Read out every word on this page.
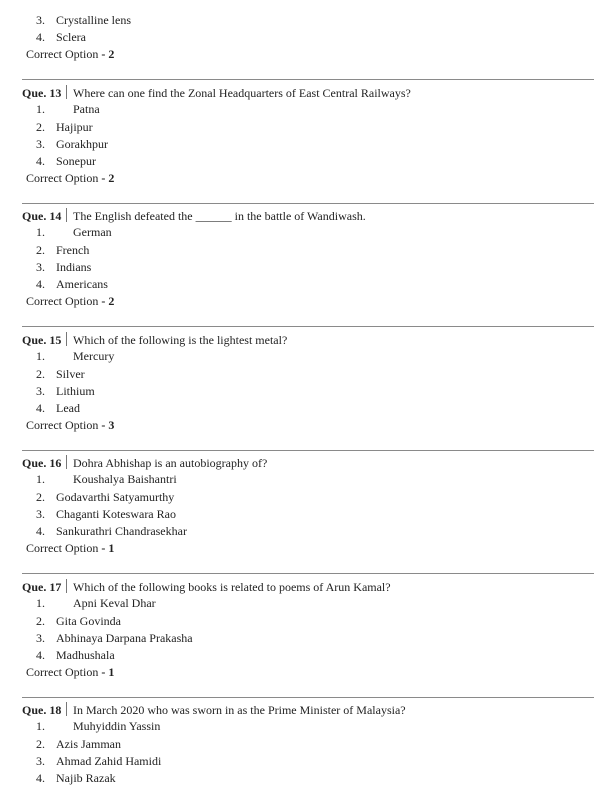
3. Crystalline lens
4. Sclera
Correct Option - 2
Que. 13 Where can one find the Zonal Headquarters of East Central Railways?
1. Patna
2. Hajipur
3. Gorakhpur
4. Sonepur
Correct Option - 2
Que. 14 The English defeated the ______ in the battle of Wandiwash.
1. German
2. French
3. Indians
4. Americans
Correct Option - 2
Que. 15 Which of the following is the lightest metal?
1. Mercury
2. Silver
3. Lithium
4. Lead
Correct Option - 3
Que. 16 Dohra Abhishap is an autobiography of?
1. Koushalya Baishantri
2. Godavarthi Satyamurthy
3. Chaganti Koteswara Rao
4. Sankurathri Chandrasekhar
Correct Option - 1
Que. 17 Which of the following books is related to poems of Arun Kamal?
1. Apni Keval Dhar
2. Gita Govinda
3. Abhinaya Darpana Prakasha
4. Madhushala
Correct Option - 1
Que. 18 In March 2020 who was sworn in as the Prime Minister of Malaysia?
1. Muhyiddin Yassin
2. Azis Jamman
3. Ahmad Zahid Hamidi
4. Najib Razak
